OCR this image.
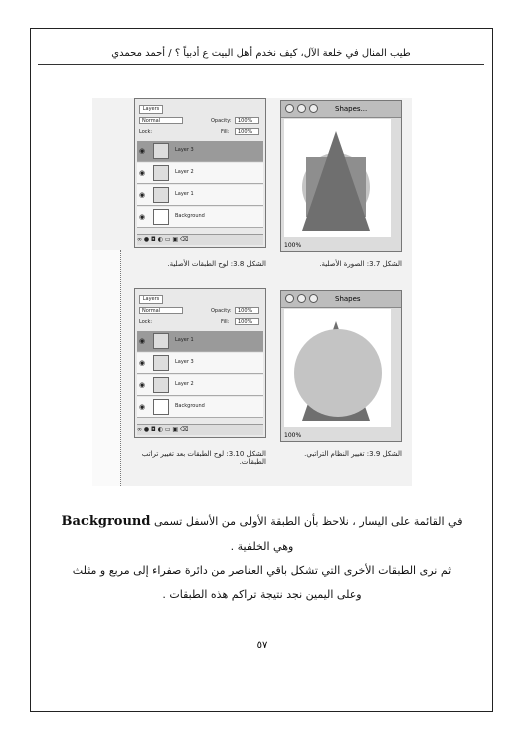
طيب المنال في خلعة الآل، كيف نخدم أهل البيت ع أدبياً ؟ / أحمد محمدي
Layers
Normal	Opacity:	100%
Lock:	Fill:	100%
◉	Layer 3
◉	Layer 2
◉	Layer 1
◉	Background
∞ ● ◘ ◐ ▭ ▣ ⌫
الشكل 3.8: لوح الطبقات الأصلية.
Shapes...
100%
الشكل 3.7: الصورة الأصلية.
Layers
Normal	Opacity:	100%
Lock:	Fill:	100%
◉	Layer 1
◉	Layer 3
◉	Layer 2
◉	Background
∞ ● ◘ ◐ ▭ ▣ ⌫
الشكل 3.10: لوح الطبقات بعد تغيير تراتب الطبقات.
Shapes
100%
الشكل 3.9: تغيير النظام التراتبي.
في القائمة على اليسار ، نلاحظ بأن الطبقة الأولى من الأسفل تسمى Background
وهي الخلفية .
ثم نرى الطبقات الأخرى التي تشكل باقي العناصر من دائرة صفراء إلى مربع و مثلث
وعلى اليمين نجد نتيجة تراكم هذه الطبقات .
٥٧
